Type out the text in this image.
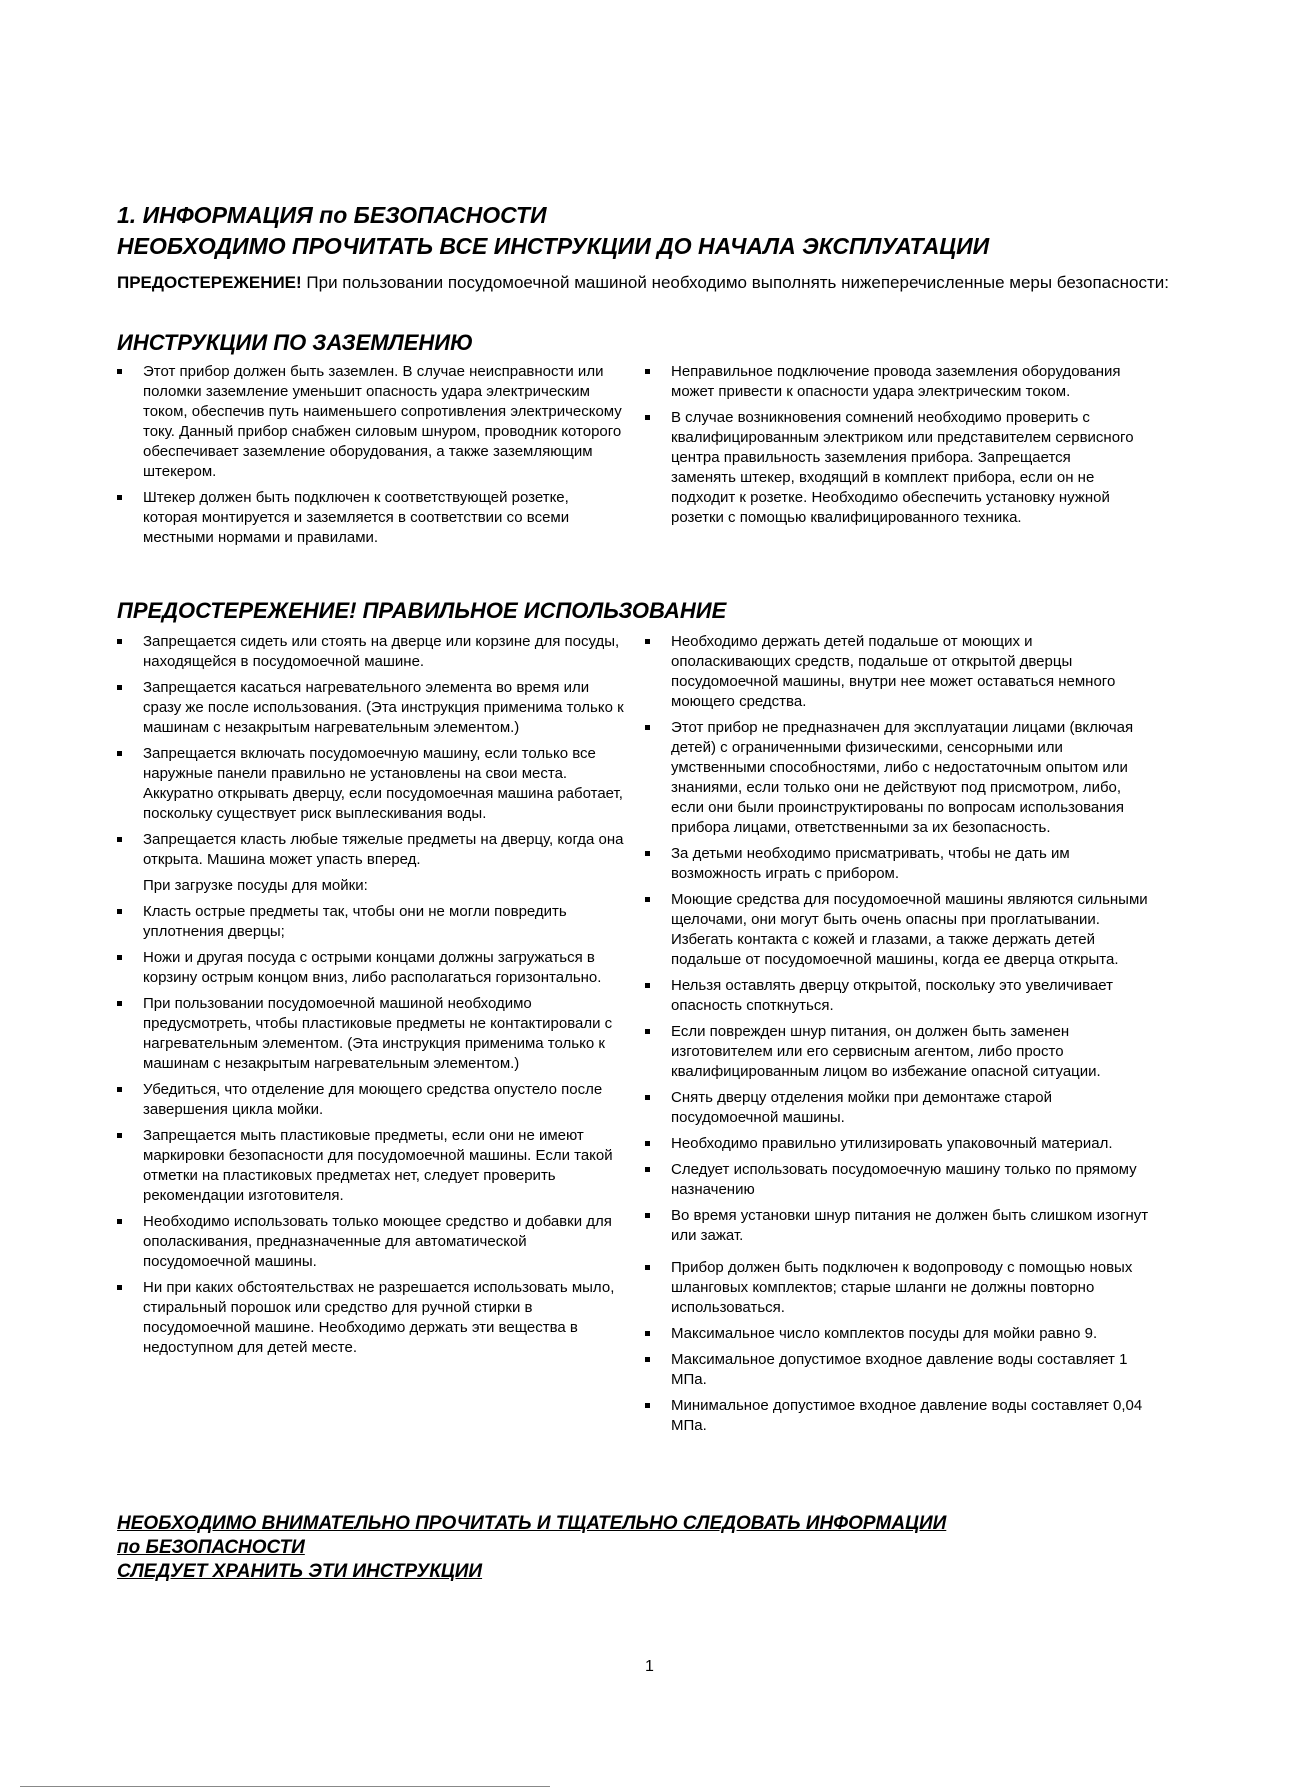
1. ИНФОРМАЦИЯ по БЕЗОПАСНОСТИ
НЕОБХОДИМО ПРОЧИТАТЬ ВСЕ ИНСТРУКЦИИ ДО НАЧАЛА ЭКСПЛУАТАЦИИ
ПРЕДОСТЕРЕЖЕНИЕ! При пользовании посудомоечной машиной необходимо выполнять нижеперечисленные меры безопасности:
ИНСТРУКЦИИ ПО ЗАЗЕМЛЕНИЮ
Этот прибор должен быть заземлен. В случае неисправности или поломки заземление уменьшит опасность удара электрическим током, обеспечив путь наименьшего сопротивления электрическому току. Данный прибор снабжен силовым шнуром, проводник которого обеспечивает заземление оборудования, а также заземляющим штекером.
Штекер должен быть подключен к соответствующей розетке, которая монтируется и заземляется в соответствии со всеми местными нормами и правилами.
Неправильное подключение провода заземления оборудования может привести к опасности удара электрическим током.
В случае возникновения сомнений необходимо проверить с квалифицированным электриком или представителем сервисного центра правильность заземления прибора. Запрещается заменять штекер, входящий в комплект прибора, если он не подходит к розетке. Необходимо обеспечить установку нужной розетки с помощью квалифицированного техника.
ПРЕДОСТЕРЕЖЕНИЕ! ПРАВИЛЬНОЕ ИСПОЛЬЗОВАНИЕ
Запрещается сидеть или стоять на дверце или корзине для посуды, находящейся в посудомоечной машине.
Запрещается касаться нагревательного элемента во время или сразу же после использования. (Эта инструкция применима только к машинам с незакрытым нагревательным элементом.)
Запрещается включать посудомоечную машину, если только все наружные панели правильно не установлены на свои места. Аккуратно открывать дверцу, если посудомоечная машина работает, поскольку существует риск выплескивания воды.
Запрещается класть любые тяжелые предметы на дверцу, когда она открыта. Машина может упасть вперед.
При загрузке посуды для мойки:
Класть острые предметы так, чтобы они не могли повредить уплотнения дверцы;
Ножи и другая посуда с острыми концами должны загружаться в корзину острым концом вниз, либо располагаться горизонтально.
При пользовании посудомоечной машиной необходимо предусмотреть, чтобы пластиковые предметы не контактировали с нагревательным элементом. (Эта инструкция применима только к машинам с незакрытым нагревательным элементом.)
Убедиться, что отделение для моющего средства опустело после завершения цикла мойки.
Запрещается мыть пластиковые предметы, если они не имеют маркировки безопасности для посудомоечной машины. Если такой отметки на пластиковых предметах нет, следует проверить рекомендации изготовителя.
Необходимо использовать только моющее средство и добавки для ополаскивания, предназначенные для автоматической посудомоечной машины.
Ни при каких обстоятельствах не разрешается использовать мыло, стиральный порошок или средство для ручной стирки в посудомоечной машине. Необходимо держать эти вещества в недоступном для детей месте.
Необходимо держать детей подальше от моющих и ополаскивающих средств, подальше от открытой дверцы посудомоечной машины, внутри нее может оставаться немного моющего средства.
Этот прибор не предназначен для эксплуатации лицами (включая детей) с ограниченными физическими, сенсорными или умственными способностями, либо с недостаточным опытом или знаниями, если только они не действуют под присмотром, либо, если они были проинструктированы по вопросам использования прибора лицами, ответственными за их безопасность.
За детьми необходимо присматривать, чтобы не дать им возможность играть с прибором.
Моющие средства для посудомоечной машины являются сильными щелочами, они могут быть очень опасны при проглатывании. Избегать контакта с кожей и глазами, а также держать детей подальше от посудомоечной машины, когда ее дверца открыта.
Нельзя оставлять дверцу открытой, поскольку это увеличивает опасность споткнуться.
Если поврежден шнур питания, он должен быть заменен изготовителем или его сервисным агентом, либо просто квалифицированным лицом во избежание опасной ситуации.
Снять дверцу отделения мойки при демонтаже старой посудомоечной машины.
Необходимо правильно утилизировать упаковочный материал.
Следует использовать посудомоечную машину только по прямому назначению
Во время установки шнур питания не должен быть слишком изогнут или зажат.
Прибор должен быть подключен к водопроводу с помощью новых шланговых комплектов; старые шланги не должны повторно использоваться.
Максимальное число комплектов посуды для мойки равно 9.
Максимальное допустимое входное давление воды составляет 1 МПа.
Минимальное допустимое входное давление воды составляет 0,04 МПа.
НЕОБХОДИМО ВНИМАТЕЛЬНО ПРОЧИТАТЬ И ТЩАТЕЛЬНО СЛЕДОВАТЬ ИНФОРМАЦИИ
по БЕЗОПАСНОСТИ
СЛЕДУЕТ ХРАНИТЬ ЭТИ ИНСТРУКЦИИ
1
